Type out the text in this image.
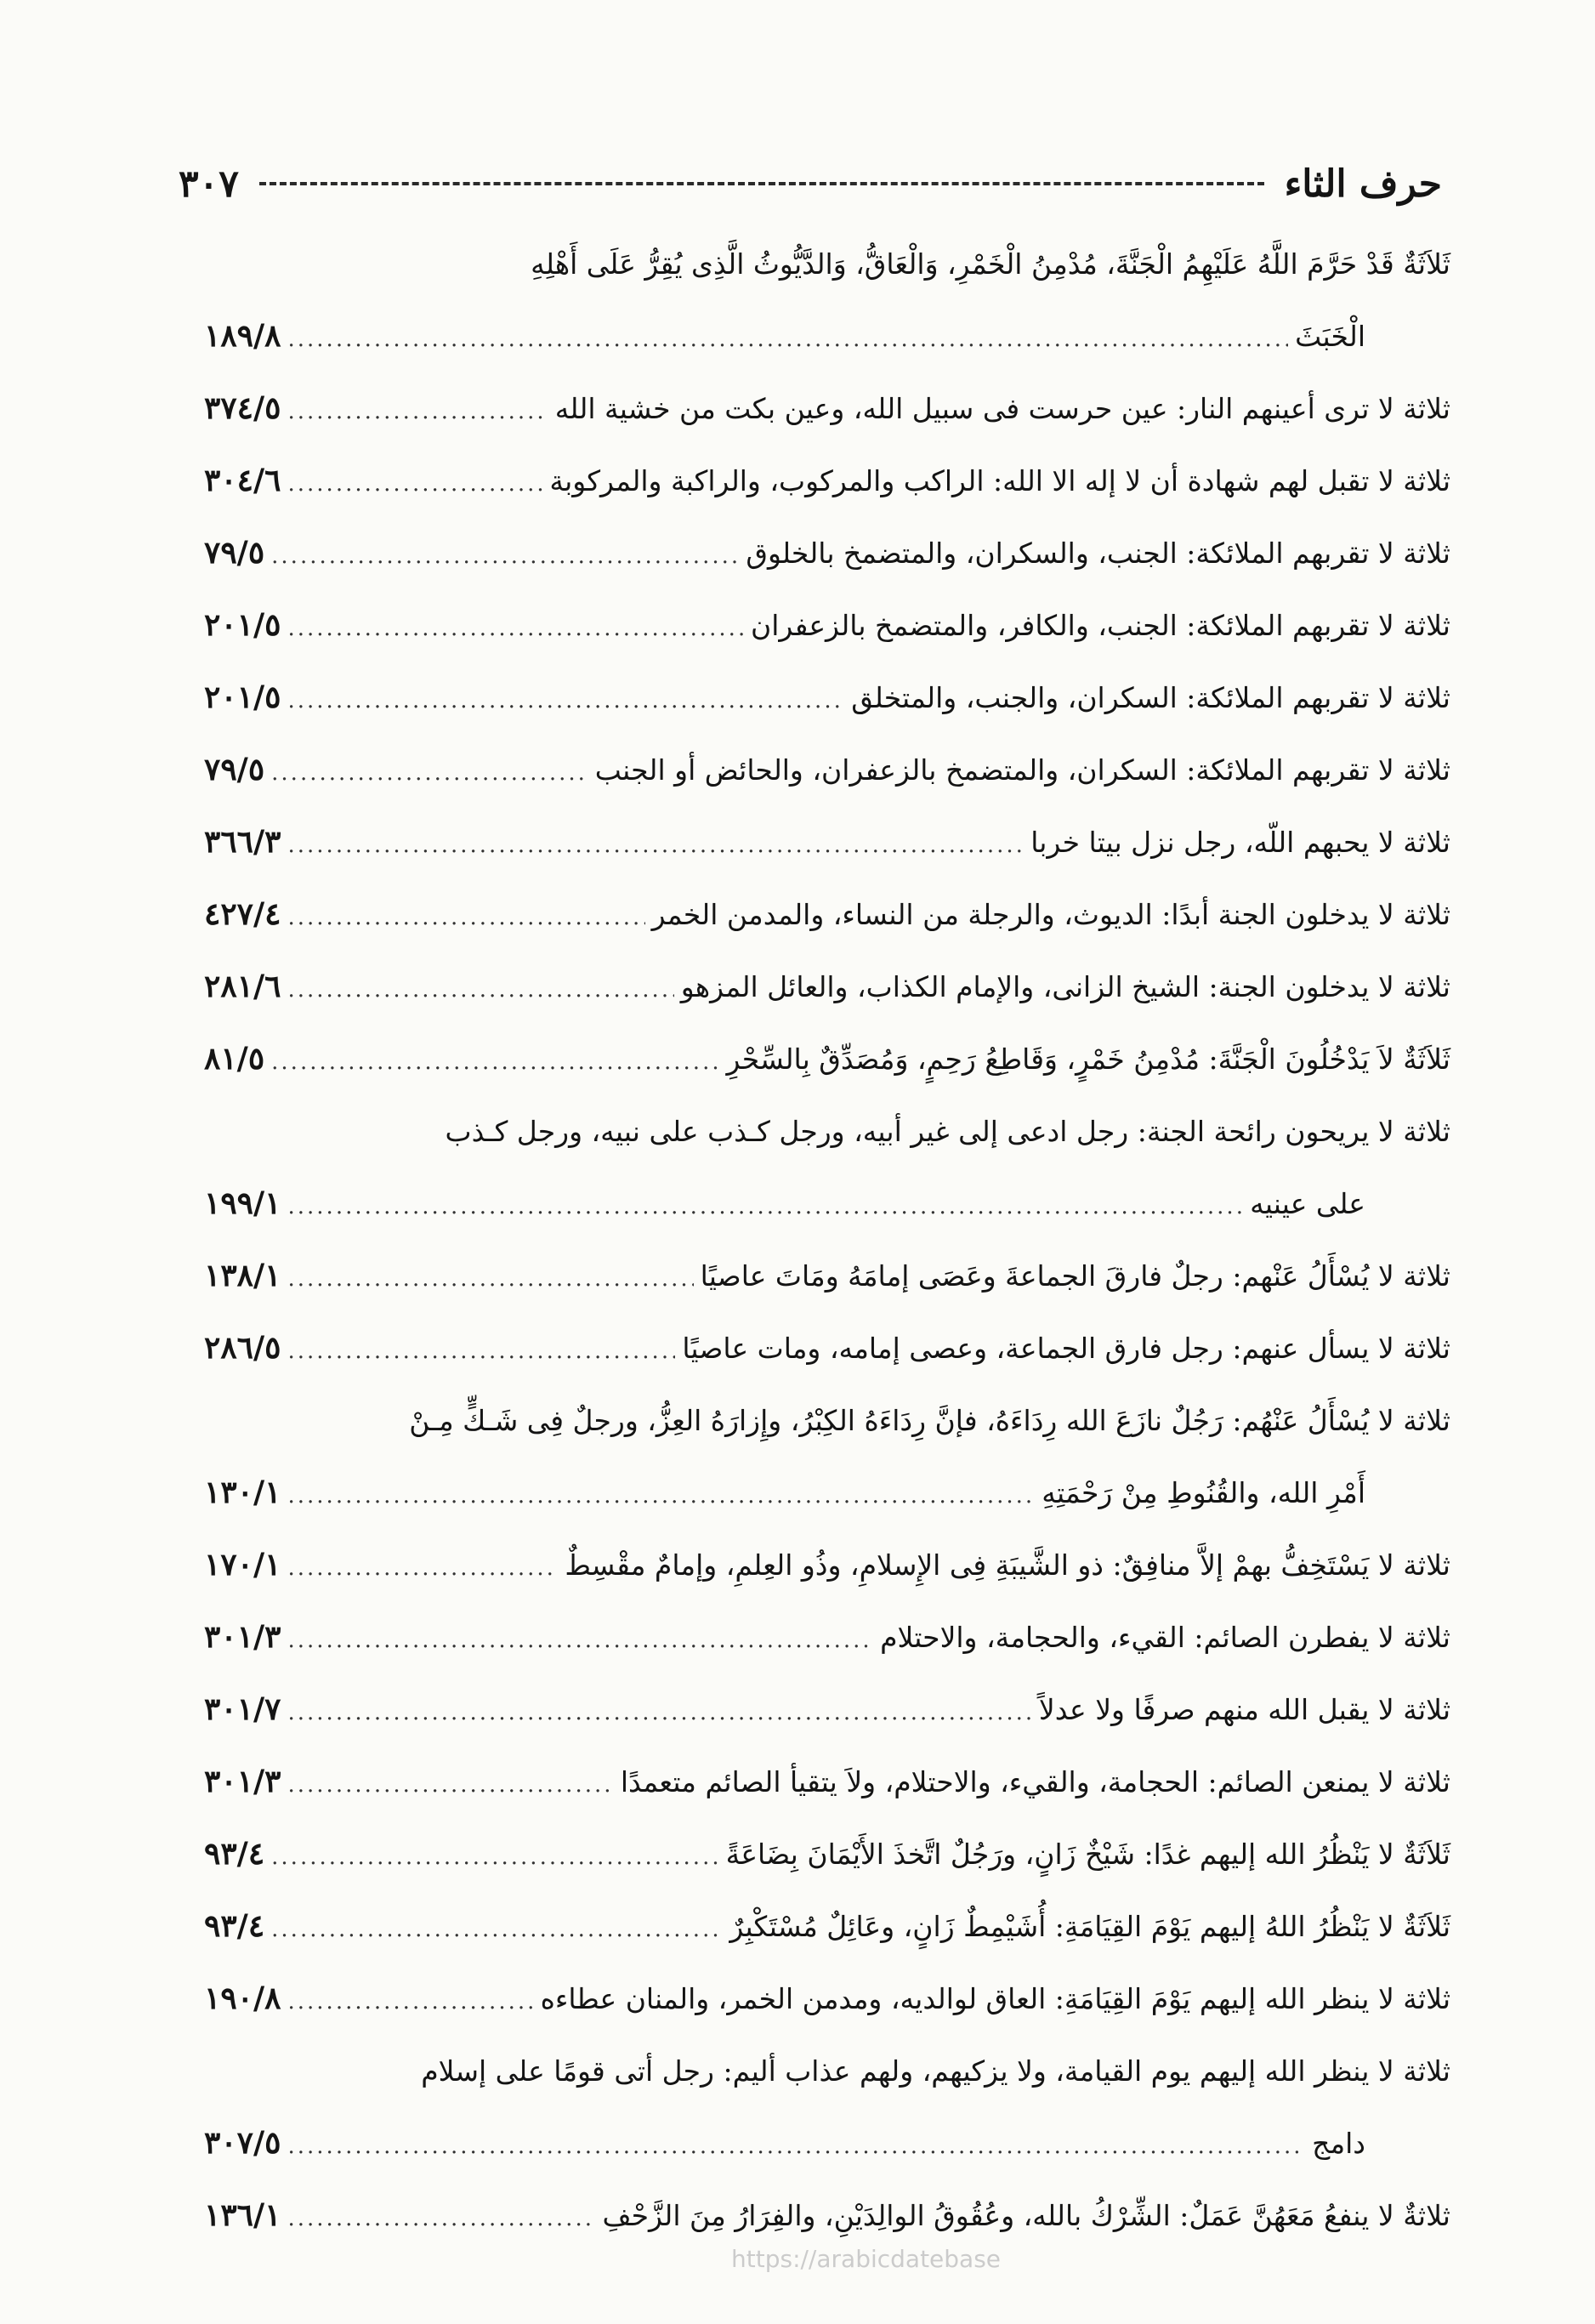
حرف الثاء
٣٠٧
ثَلاَثَةٌ قَدْ حَرَّمَ اللَّهُ عَلَيْهِمُ الْجَنَّةَ، مُدْمِنُ الْخَمْرِ، وَالْعَاقُّ، وَالدَّيُّوثُ الَّذِى يُقِرُّ عَلَى أَهْلِهِ
الْخَبَثَ
.....
١٨٩/٨
ثلاثة لا ترى أعينهم النار: عين حرست فى سبيل الله، وعين بكت من خشية الله
.....
٣٧٤/٥
ثلاثة لا تقبل لهم شهادة أن لا إله الا الله: الراكب والمركوب، والراكبة والمركوبة
.....
٣٠٤/٦
ثلاثة لا تقربهم الملائكة: الجنب، والسكران، والمتضمخ بالخلوق
.....
٧٩/٥
ثلاثة لا تقربهم الملائكة: الجنب، والكافر، والمتضمخ بالزعفران
.....
٢٠١/٥
ثلاثة لا تقربهم الملائكة: السكران، والجنب، والمتخلق
.....
٢٠١/٥
ثلاثة لا تقربهم الملائكة: السكران، والمتضمخ بالزعفران، والحائض أو الجنب
.....
٧٩/٥
ثلاثة لا يحبهم اللّه، رجل نزل بيتا خربا
.....
٣٦٦/٣
ثلاثة لا يدخلون الجنة أبدًا: الديوث، والرجلة من النساء، والمدمن الخمر
.....
٤٢٧/٤
ثلاثة لا يدخلون الجنة: الشيخ الزانى، والإمام الكذاب، والعائل المزهو
.....
٢٨١/٦
ثَلاَثَةٌ لاَ يَدْخُلُونَ الْجَنَّةَ: مُدْمِنُ خَمْرٍ، وَقَاطِعُ رَحِمٍ، وَمُصَدِّقٌ بِالسِّحْرِ
.....
٨١/٥
ثلاثة لا يريحون رائحة الجنة: رجل ادعى إلى غير أبيه، ورجل كـذب على نبيه، ورجل كـذب
على عينيه
.....
١٩٩/١
ثلاثة لا يُسْأَلُ عَنْهم: رجلٌ فارقَ الجماعةَ وعَصَى إمامَهُ ومَاتَ عاصيًا
.....
١٣٨/١
ثلاثة لا يسأل عنهم: رجل فارق الجماعة، وعصى إمامه، ومات عاصيًا
.....
٢٨٦/٥
ثلاثة لا يُسْأَلُ عَنْهُم: رَجُلٌ نازَعَ الله رِدَاءَهُ، فإنَّ رِدَاءَهُ الكِبْرُ، وإِزارَهُ العِزُّ، ورجلٌ فِى شَـكٍّ مِـنْ
أَمْرِ الله، والقُنُوطِ مِنْ رَحْمَتِهِ
.....
١٣٠/١
ثلاثة لا يَسْتَخِفُّ بهمْ إلاَّ منافِقٌ: ذو الشَّيبَةِ فِى الإِسلامِ، وذُو العِلمِ، وإمامٌ مقْسِطٌ
.....
١٧٠/١
ثلاثة لا يفطرن الصائم: القيء، والحجامة، والاحتلام
.....
٣٠١/٣
ثلاثة لا يقبل الله منهم صرفًا ولا عدلاً
.....
٣٠١/٧
ثلاثة لا يمنعن الصائم: الحجامة، والقيء، والاحتلام، ولاَ يتقيأ الصائم متعمدًا
.....
٣٠١/٣
ثَلاَثَةٌ لا يَنْظُرُ الله إليهم غدًا: شَيْخٌ زَانٍ، ورَجُلٌ اتَّخذَ الأَيْمَانَ بِضَاعَةً
.....
٩٣/٤
ثَلاَثَةٌ لا يَنْظُرُ اللهُ إليهم يَوْمَ القِيَامَةِ: أُشَيْمِطٌ زَانٍ، وعَائِلٌ مُسْتَكْبِرٌ
.....
٩٣/٤
ثلاثة لا ينظر الله إليهم يَوْمَ القِيَامَةِ: العاق لوالديه، ومدمن الخمر، والمنان عطاءه
.....
١٩٠/٨
ثلاثة لا ينظر الله إليهم يوم القيامة، ولا يزكيهم، ولهم عذاب أليم: رجل أتى قومًا على إسلام
دامج
.....
٣٠٧/٥
ثلاثةٌ لا ينفعُ مَعَهُنَّ عَمَلٌ: الشِّرْكُ بالله، وعُقُوقُ الوالِدَيْنِ، والفِرَارُ مِنَ الزَّحْفِ
.....
١٣٦/١
https://arabicdatebase
